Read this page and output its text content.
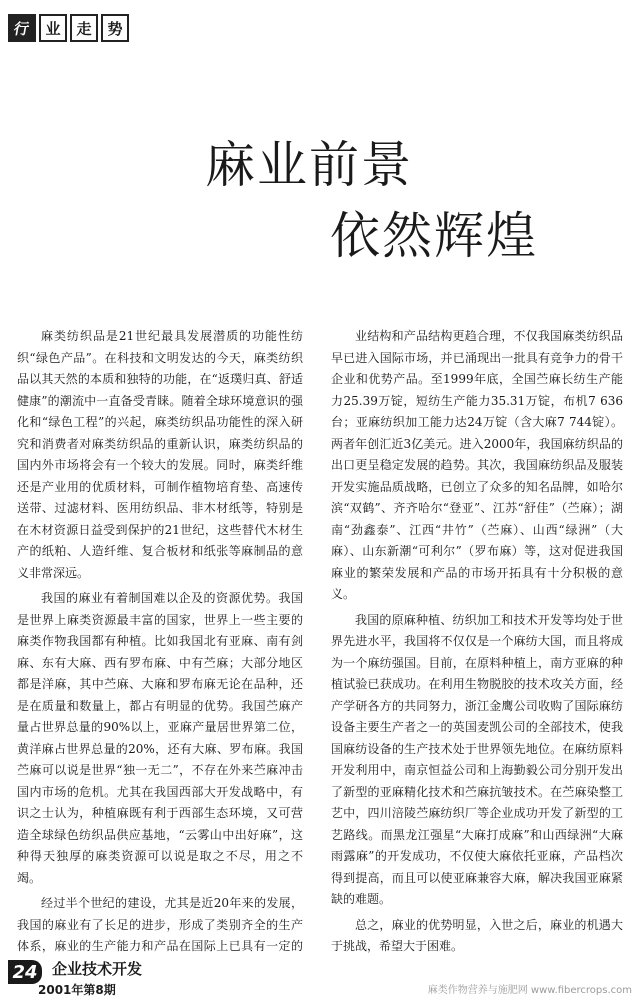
行 业 走 势
麻业前景
依然辉煌

麻类纺织品是21世纪最具发展潜质的功能性纺织“绿色产品”。在科技和文明发达的今天，麻类纺织品以其天然的本质和独特的功能，在“返璞归真、舒适健康”的潮流中一直备受青睐。随着全球环境意识的强化和“绿色工程”的兴起，麻类纺织品功能性的深入研究和消费者对麻类纺织品的重新认识，麻类纺织品的国内外市场将会有一个较大的发展。同时，麻类纤维还是产业用的优质材料，可制作植物培育垫、高速传送带、过滤材料、医用纺织品、非木材纸等，特别是在木材资源日益受到保护的21世纪，这些替代木材生产的纸粕、人造纤维、复合板材和纸张等麻制品的意义非常深远。

我国的麻业有着制国难以企及的资源优势。我国是世界上麻类资源最丰富的国家，世界上一些主要的麻类作物我国都有种植。比如我国北有亚麻、南有剑麻、东有大麻、西有罗布麻、中有苎麻；大部分地区都是洋麻，其中苎麻、大麻和罗布麻无论在品种，还是在质量和数量上，都占有明显的优势。我国苎麻产量占世界总量的90%以上，亚麻产量居世界第二位，黄洋麻占世界总量的20%，还有大麻、罗布麻。我国苎麻可以说是世界“独一无二”，不存在外来苎麻冲击国内市场的危机。尤其在我国西部大开发战略中，有识之士认为，种植麻既有利于西部生态环境，又可营造全球绿色纺织品供应基地，“云雾山中出好麻”，这种得天独厚的麻类资源可以说是取之不尽，用之不竭。

经过半个世纪的建设，尤其是近20年来的发展，我国的麻业有了长足的进步，形成了类别齐全的生产体系，麻业的生产能力和产品在国际上已具有一定的

业结构和产品结构更趋合理，不仅我国麻类纺织品早已进入国际市场，并已涌现出一批具有竞争力的骨干企业和优势产品。至1999年底，全国苎麻长纺生产能力25.39万锭，短纺生产能力35.31万锭，布机7 636台；亚麻纺织加工能力达24万锭（含大麻7 744锭）。两者年创汇近3亿美元。进入2000年，我国麻纺织品的出口更呈稳定发展的趋势。其次，我国麻纺织品及服装开发实施品质战略，已创立了众多的知名品牌，如哈尔滨“双鹤”、齐齐哈尔“登亚”、江苏“舒佳”（苎麻）；湖南“劲鑫泰”、江西“井竹”（苎麻）、山西“绿洲”（大麻）、山东新潮“可利尔”（罗布麻）等，这对促进我国麻业的繁荣发展和产品的市场开拓具有十分积极的意义。

我国的原麻种植、纺织加工和技术开发等均处于世界先进水平，我国将不仅仅是一个麻纺大国，而且将成为一个麻纺强国。目前，在原料种植上，南方亚麻的种植试验已获成功。在利用生物脱胶的技术攻关方面，经产学研各方的共同努力，浙江金鹰公司收购了国际麻纺设备主要生产者之一的英国麦凯公司的全部技术，使我国麻纺设备的生产技术处于世界领先地位。在麻纺原料开发利用中，南京恒益公司和上海勤毅公司分别开发出了新型的亚麻精化技术和苎麻抗皱技术。在苎麻染整工艺中，四川涪陵苎麻纺织厂等企业成功开发了新型的工艺路线。而黑龙江强星“大麻打成麻”和山西绿洲“大麻雨露麻”的开发成功，不仅使大麻依托亚麻，产品档次得到提高，而且可以使亚麻兼容大麻，解决我国亚麻紧缺的难题。

总之，麻业的优势明显，入世之后，麻业的机遇大于挑战，希望大于困难。

24 企业技术开发
2001年第8期	麻类作物营养与施肥网 www.fibercrops.com
